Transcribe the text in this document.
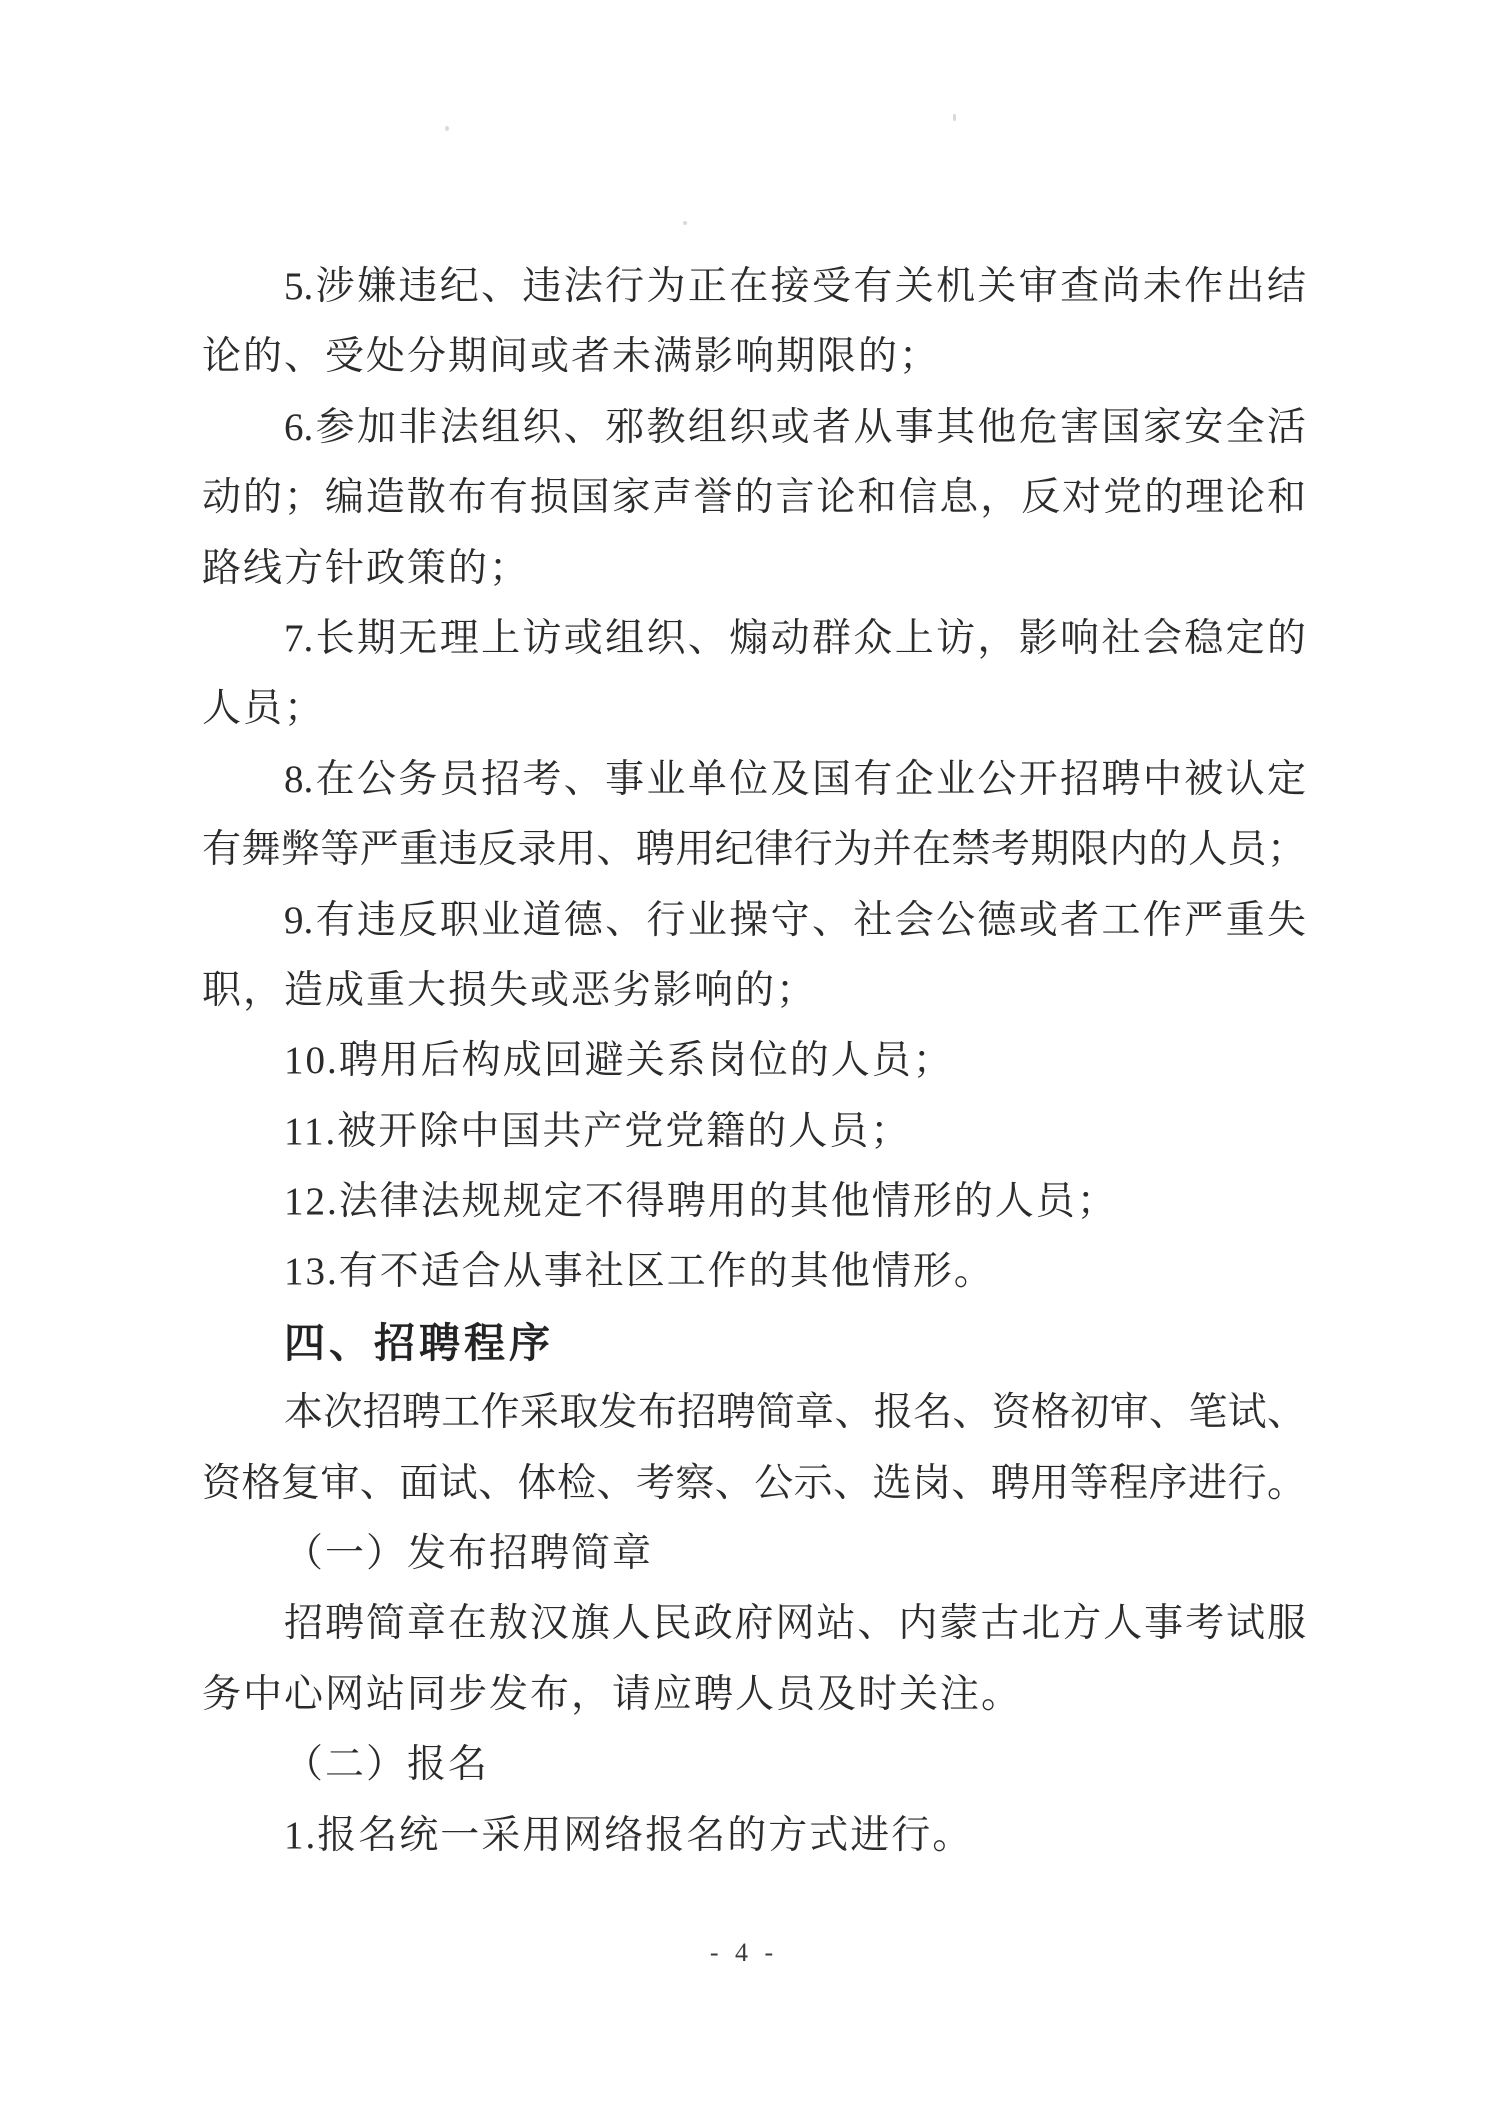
5.涉嫌违纪、违法行为正在接受有关机关审查尚未作出结
论的、受处分期间或者未满影响期限的；
6.参加非法组织、邪教组织或者从事其他危害国家安全活
动的；编造散布有损国家声誉的言论和信息，反对党的理论和
路线方针政策的；
7.长期无理上访或组织、煽动群众上访，影响社会稳定的
人员；
8.在公务员招考、事业单位及国有企业公开招聘中被认定
有舞弊等严重违反录用、聘用纪律行为并在禁考期限内的人员；
9.有违反职业道德、行业操守、社会公德或者工作严重失
职，造成重大损失或恶劣影响的；
10.聘用后构成回避关系岗位的人员；
11.被开除中国共产党党籍的人员；
12.法律法规规定不得聘用的其他情形的人员；
13.有不适合从事社区工作的其他情形。
四、招聘程序
本次招聘工作采取发布招聘简章、报名、资格初审、笔试、
资格复审、面试、体检、考察、公示、选岗、聘用等程序进行。
（一）发布招聘简章
招聘简章在敖汉旗人民政府网站、内蒙古北方人事考试服
务中心网站同步发布，请应聘人员及时关注。
（二）报名
1.报名统一采用网络报名的方式进行。
- 4 -
